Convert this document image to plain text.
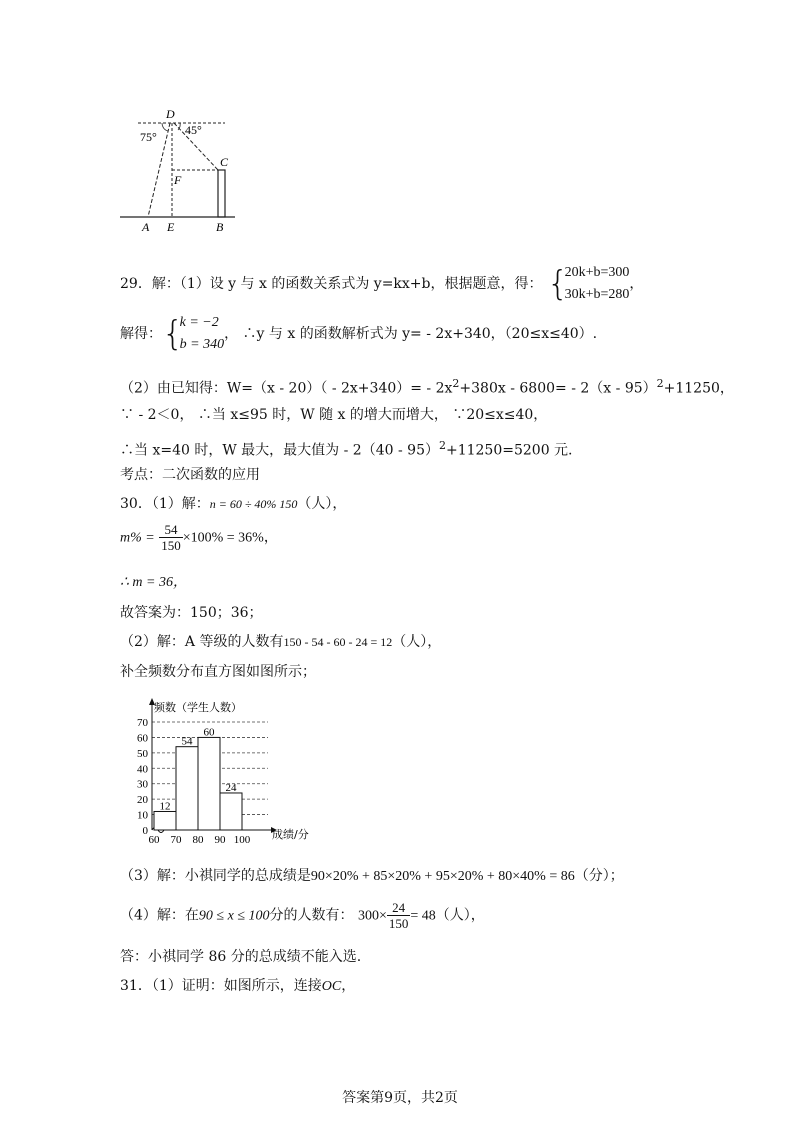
D
75° 45°
C
F
A E	B
29．解：（1）设 y 与 x 的函数关系式为 y=kx+b，根据题意，得： {
20k+b=300
30k+b=280
，
解得：{
k = −2
b = 340
， ∴y 与 x 的函数解析式为 y= - 2x+340，（20≤x≤40）.
（2）由已知得：$W=(x - 20)( - 2x+340)= - 2x^2+380x - 6800= - 2(x - 95)^2+11250$，
∵ - 2＜0， ∴当 x≤95 时，W 随 x 的增大而增大， ∵20≤x≤40，
∴当 x=40 时，W 最大，最大值为 - 2（40 - 95）$^2$+11250=5200 元.
考点：二次函数的应用
30．（1）解：n = 60 ÷ 40% 150（人），
$m\% = \frac{54}{150} \times 100\% = 36\%$，
∴ m = 36，
故答案为：150；36；
（2）解：A 等级的人数有150 - 54 - 60 - 24 = 12（人），
补全频数分布直方图如图所示；
0
10
20
30
40
50
60
70
频数（学生人数）
成绩/分
12
54
60
24
60 70 80 90 100
（3）解：小祺同学的总成绩是90×20% + 85×20% + 95×20% + 80×40% = 86（分）；
（4）解：在90 ≤ x ≤ 100分的人数有： $300\times \frac{24}{150} = 48$（人），
答：小祺同学 86 分的总成绩不能入选.
31．（1）证明：如图所示，连接OC，
答案第9页，共2页
